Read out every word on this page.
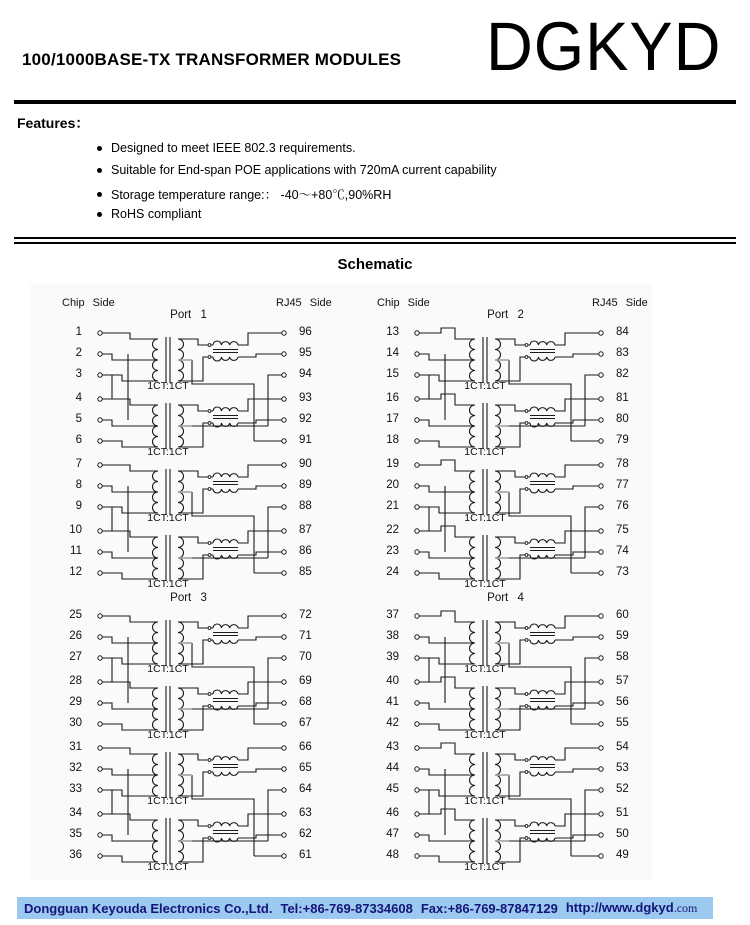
100/1000BASE-TX TRANSFORMER MODULES DGKYD
Features：
Designed to meet IEEE 802.3 requirements.
Suitable for End-span POE applications with 720mA current capability
Storage temperature range:： -40～+80℃,90%RH
RoHS compliant
Schematic
Chip Side	RJ45 Side	Chip Side	RJ45 Side
Port 1
1	96
2	95
3	94
1CT:1CT
4	93
5	92
6	91
1CT:1CT
7	90
8	89
9	88
1CT:1CT
10	87
11	86
12	85
1CT:1CT
Port 2
13	84
14	83
15	82
1CT:1CT
16	81
17	80
18	79
1CT:1CT
19	78
20	77
21	76
1CT:1CT
22	75
23	74
24	73
1CT:1CT
Port 3
25	72
26	71
27	70
1CT:1CT
28	69
29	68
30	67
1CT:1CT
31	66
32	65
33	64
1CT:1CT
34	63
35	62
36	61
1CT:1CT
Port 4
37	60
38	59
39	58
1CT:1CT
40	57
41	56
42	55
1CT:1CT
43	54
44	53
45	52
1CT:1CT
46	51
47	50
48	49
1CT:1CT
Dongguan Keyouda Electronics Co.,Ltd. Tel:+86-769-87334608 Fax:+86-769-87847129 http://www.dgkyd.com
